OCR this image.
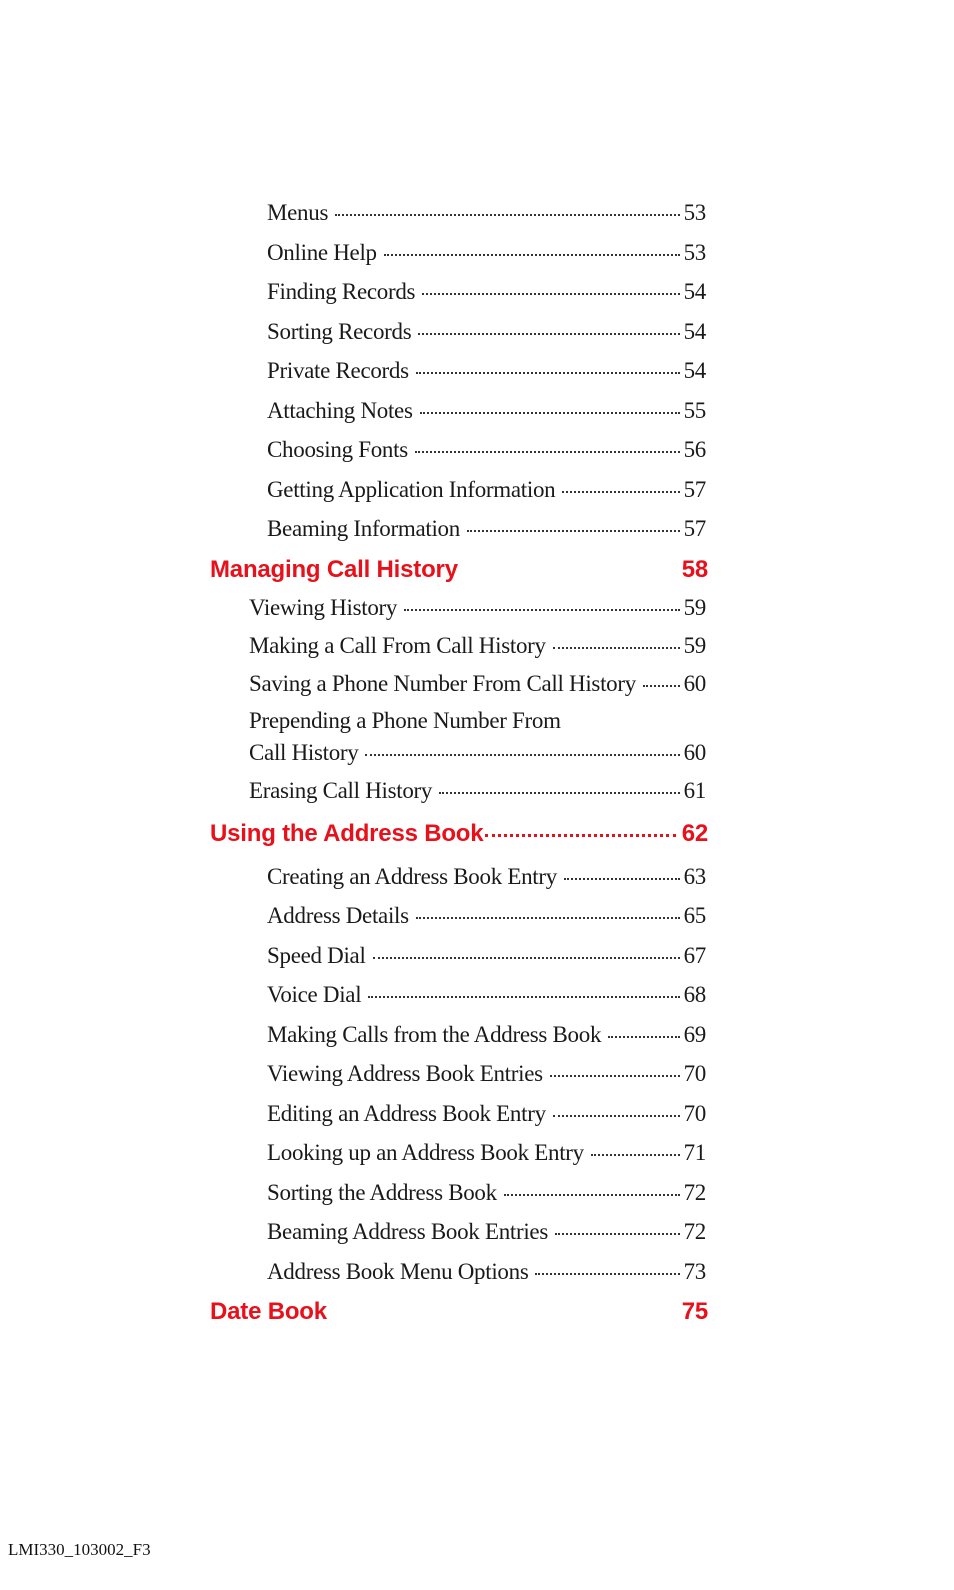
Menus	53
Online Help	53
Finding Records	54
Sorting Records	54
Private Records	54
Attaching Notes	55
Choosing Fonts	56
Getting Application Information	57
Beaming Information	57
Managing Call History	58
Viewing History	59
Making a Call From Call History	59
Saving a Phone Number From Call History 60
Prepending a Phone Number From
Call History	60
Erasing Call History	61
Using the Address Book	62
Creating an Address Book Entry	63
Address Details	65
Speed Dial	67
Voice Dial	68
Making Calls from the Address Book	69
Viewing Address Book Entries	70
Editing an Address Book Entry	70
Looking up an Address Book Entry	71
Sorting the Address Book	72
Beaming Address Book Entries	72
Address Book Menu Options	73
Date Book	75
LMI330_103002_F3
